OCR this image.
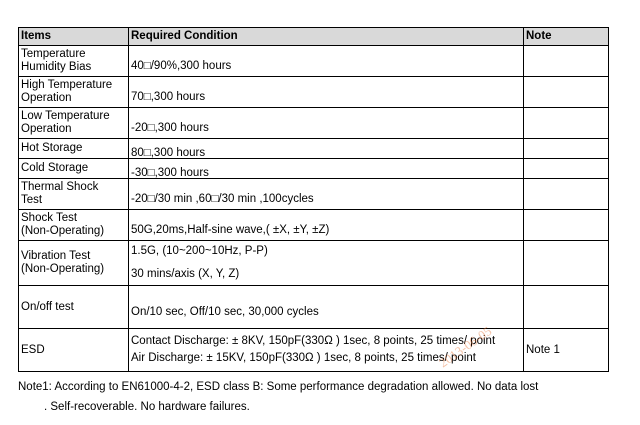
Items	Required Condition	Note
Temperature
Humidity Bias	40□/90%,300 hours	
High Temperature
Operation	70□,300 hours	
Low Temperature
Operation	-20□,300 hours	
Hot Storage	80□,300 hours	
Cold Storage	-30□,300 hours	
Thermal Shock
Test	-20□/30 min ,60□/30 min ,100cycles	
Shock Test
(Non-Operating)	50G,20ms,Half-sine wave,( ±X, ±Y, ±Z)	
Vibration Test
(Non-Operating)	1.5G, (10~200~10Hz, P-P)
30 mins/axis (X, Y, Z)	

On/off test	On/10 sec, Off/10 sec, 30,000 cycles	
ESD	Contact Discharge: ± 8KV, 150pF(330Ω ) 1sec, 8 points, 25 times/ point
Air Discharge: ± 15KV, 150pF(330Ω ) 1sec, 8 points, 25 times/ point	Note 1
Note1: According to EN61000-4-2, ESD class B: Some performance degradation allowed. No data lost
. Self-recoverable. No hardware failures.
2013-06-05
